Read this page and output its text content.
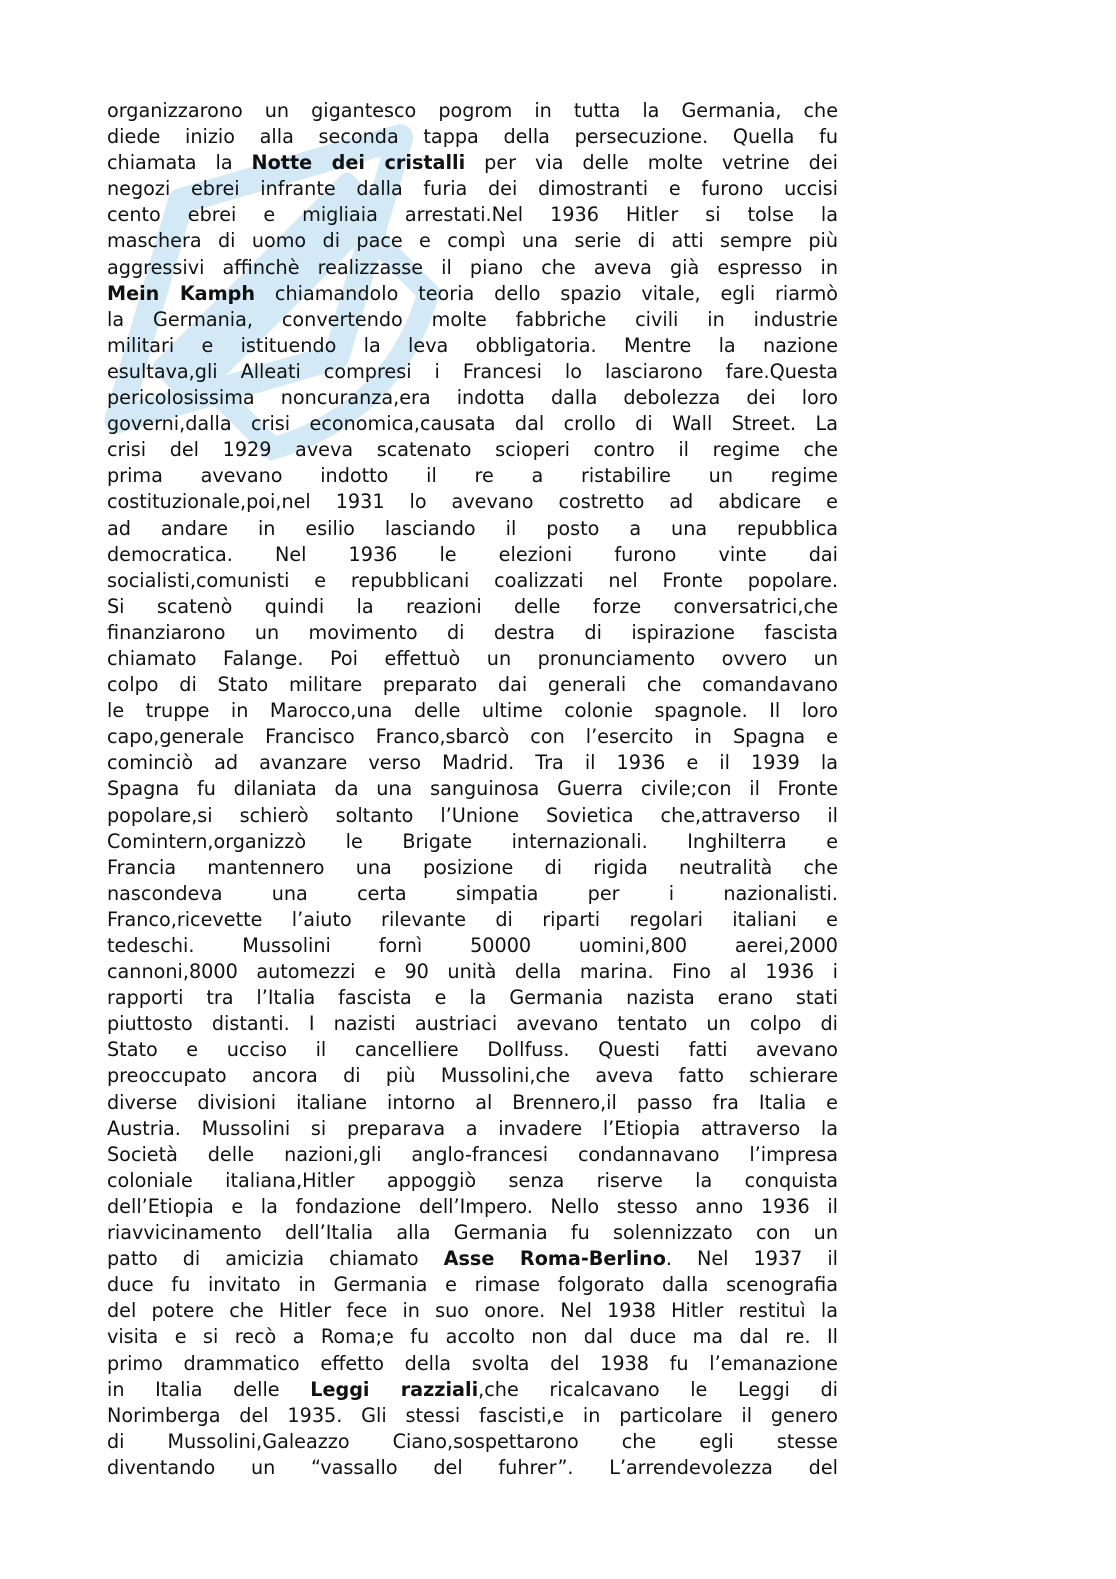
organizzarono un gigantesco pogrom in tutta la Germania, che
diede inizio alla seconda tappa della persecuzione. Quella fu
chiamata la Notte dei cristalli per via delle molte vetrine dei
negozi ebrei infrante dalla furia dei dimostranti e furono uccisi
cento ebrei e migliaia arrestati.Nel 1936 Hitler si tolse la
maschera di uomo di pace e compì una serie di atti sempre più
aggressivi affinchè realizzasse il piano che aveva già espresso in
Mein Kamph chiamandolo teoria dello spazio vitale, egli riarmò
la Germania, convertendo molte fabbriche civili in industrie
militari e istituendo la leva obbligatoria. Mentre la nazione
esultava,gli Alleati compresi i Francesi lo lasciarono fare.Questa
pericolosissima noncuranza,era indotta dalla debolezza dei loro
governi,dalla crisi economica,causata dal crollo di Wall Street. La
crisi del 1929 aveva scatenato scioperi contro il regime che
prima avevano indotto il re a ristabilire un regime
costituzionale,poi,nel 1931 lo avevano costretto ad abdicare e
ad andare in esilio lasciando il posto a una repubblica
democratica. Nel 1936 le elezioni furono vinte dai
socialisti,comunisti e repubblicani coalizzati nel Fronte popolare.
Si scatenò quindi la reazioni delle forze conversatrici,che
finanziarono un movimento di destra di ispirazione fascista
chiamato Falange. Poi effettuò un pronunciamento ovvero un
colpo di Stato militare preparato dai generali che comandavano
le truppe in Marocco,una delle ultime colonie spagnole. Il loro
capo,generale Francisco Franco,sbarcò con l’esercito in Spagna e
cominciò ad avanzare verso Madrid. Tra il 1936 e il 1939 la
Spagna fu dilaniata da una sanguinosa Guerra civile;con il Fronte
popolare,si schierò soltanto l’Unione Sovietica che,attraverso il
Comintern,organizzò le Brigate internazionali. Inghilterra e
Francia mantennero una posizione di rigida neutralità che
nascondeva una certa simpatia per i nazionalisti.
Franco,ricevette l’aiuto rilevante di riparti regolari italiani e
tedeschi. Mussolini fornì 50000 uomini,800 aerei,2000
cannoni,8000 automezzi e 90 unità della marina. Fino al 1936 i
rapporti tra l’Italia fascista e la Germania nazista erano stati
piuttosto distanti. I nazisti austriaci avevano tentato un colpo di
Stato e ucciso il cancelliere Dollfuss. Questi fatti avevano
preoccupato ancora di più Mussolini,che aveva fatto schierare
diverse divisioni italiane intorno al Brennero,il passo fra Italia e
Austria. Mussolini si preparava a invadere l’Etiopia attraverso la
Società delle nazioni,gli anglo-francesi condannavano l’impresa
coloniale italiana,Hitler appoggiò senza riserve la conquista
dell’Etiopia e la fondazione dell’Impero. Nello stesso anno 1936 il
riavvicinamento dell’Italia alla Germania fu solennizzato con un
patto di amicizia chiamato Asse Roma-Berlino. Nel 1937 il
duce fu invitato in Germania e rimase folgorato dalla scenografia
del potere che Hitler fece in suo onore. Nel 1938 Hitler restituì la
visita e si recò a Roma;e fu accolto non dal duce ma dal re. Il
primo drammatico effetto della svolta del 1938 fu l’emanazione
in Italia delle Leggi razziali,che ricalcavano le Leggi di
Norimberga del 1935. Gli stessi fascisti,e in particolare il genero
di Mussolini,Galeazzo Ciano,sospettarono che egli stesse
diventando un “vassallo del fuhrer”. L’arrendevolezza del
